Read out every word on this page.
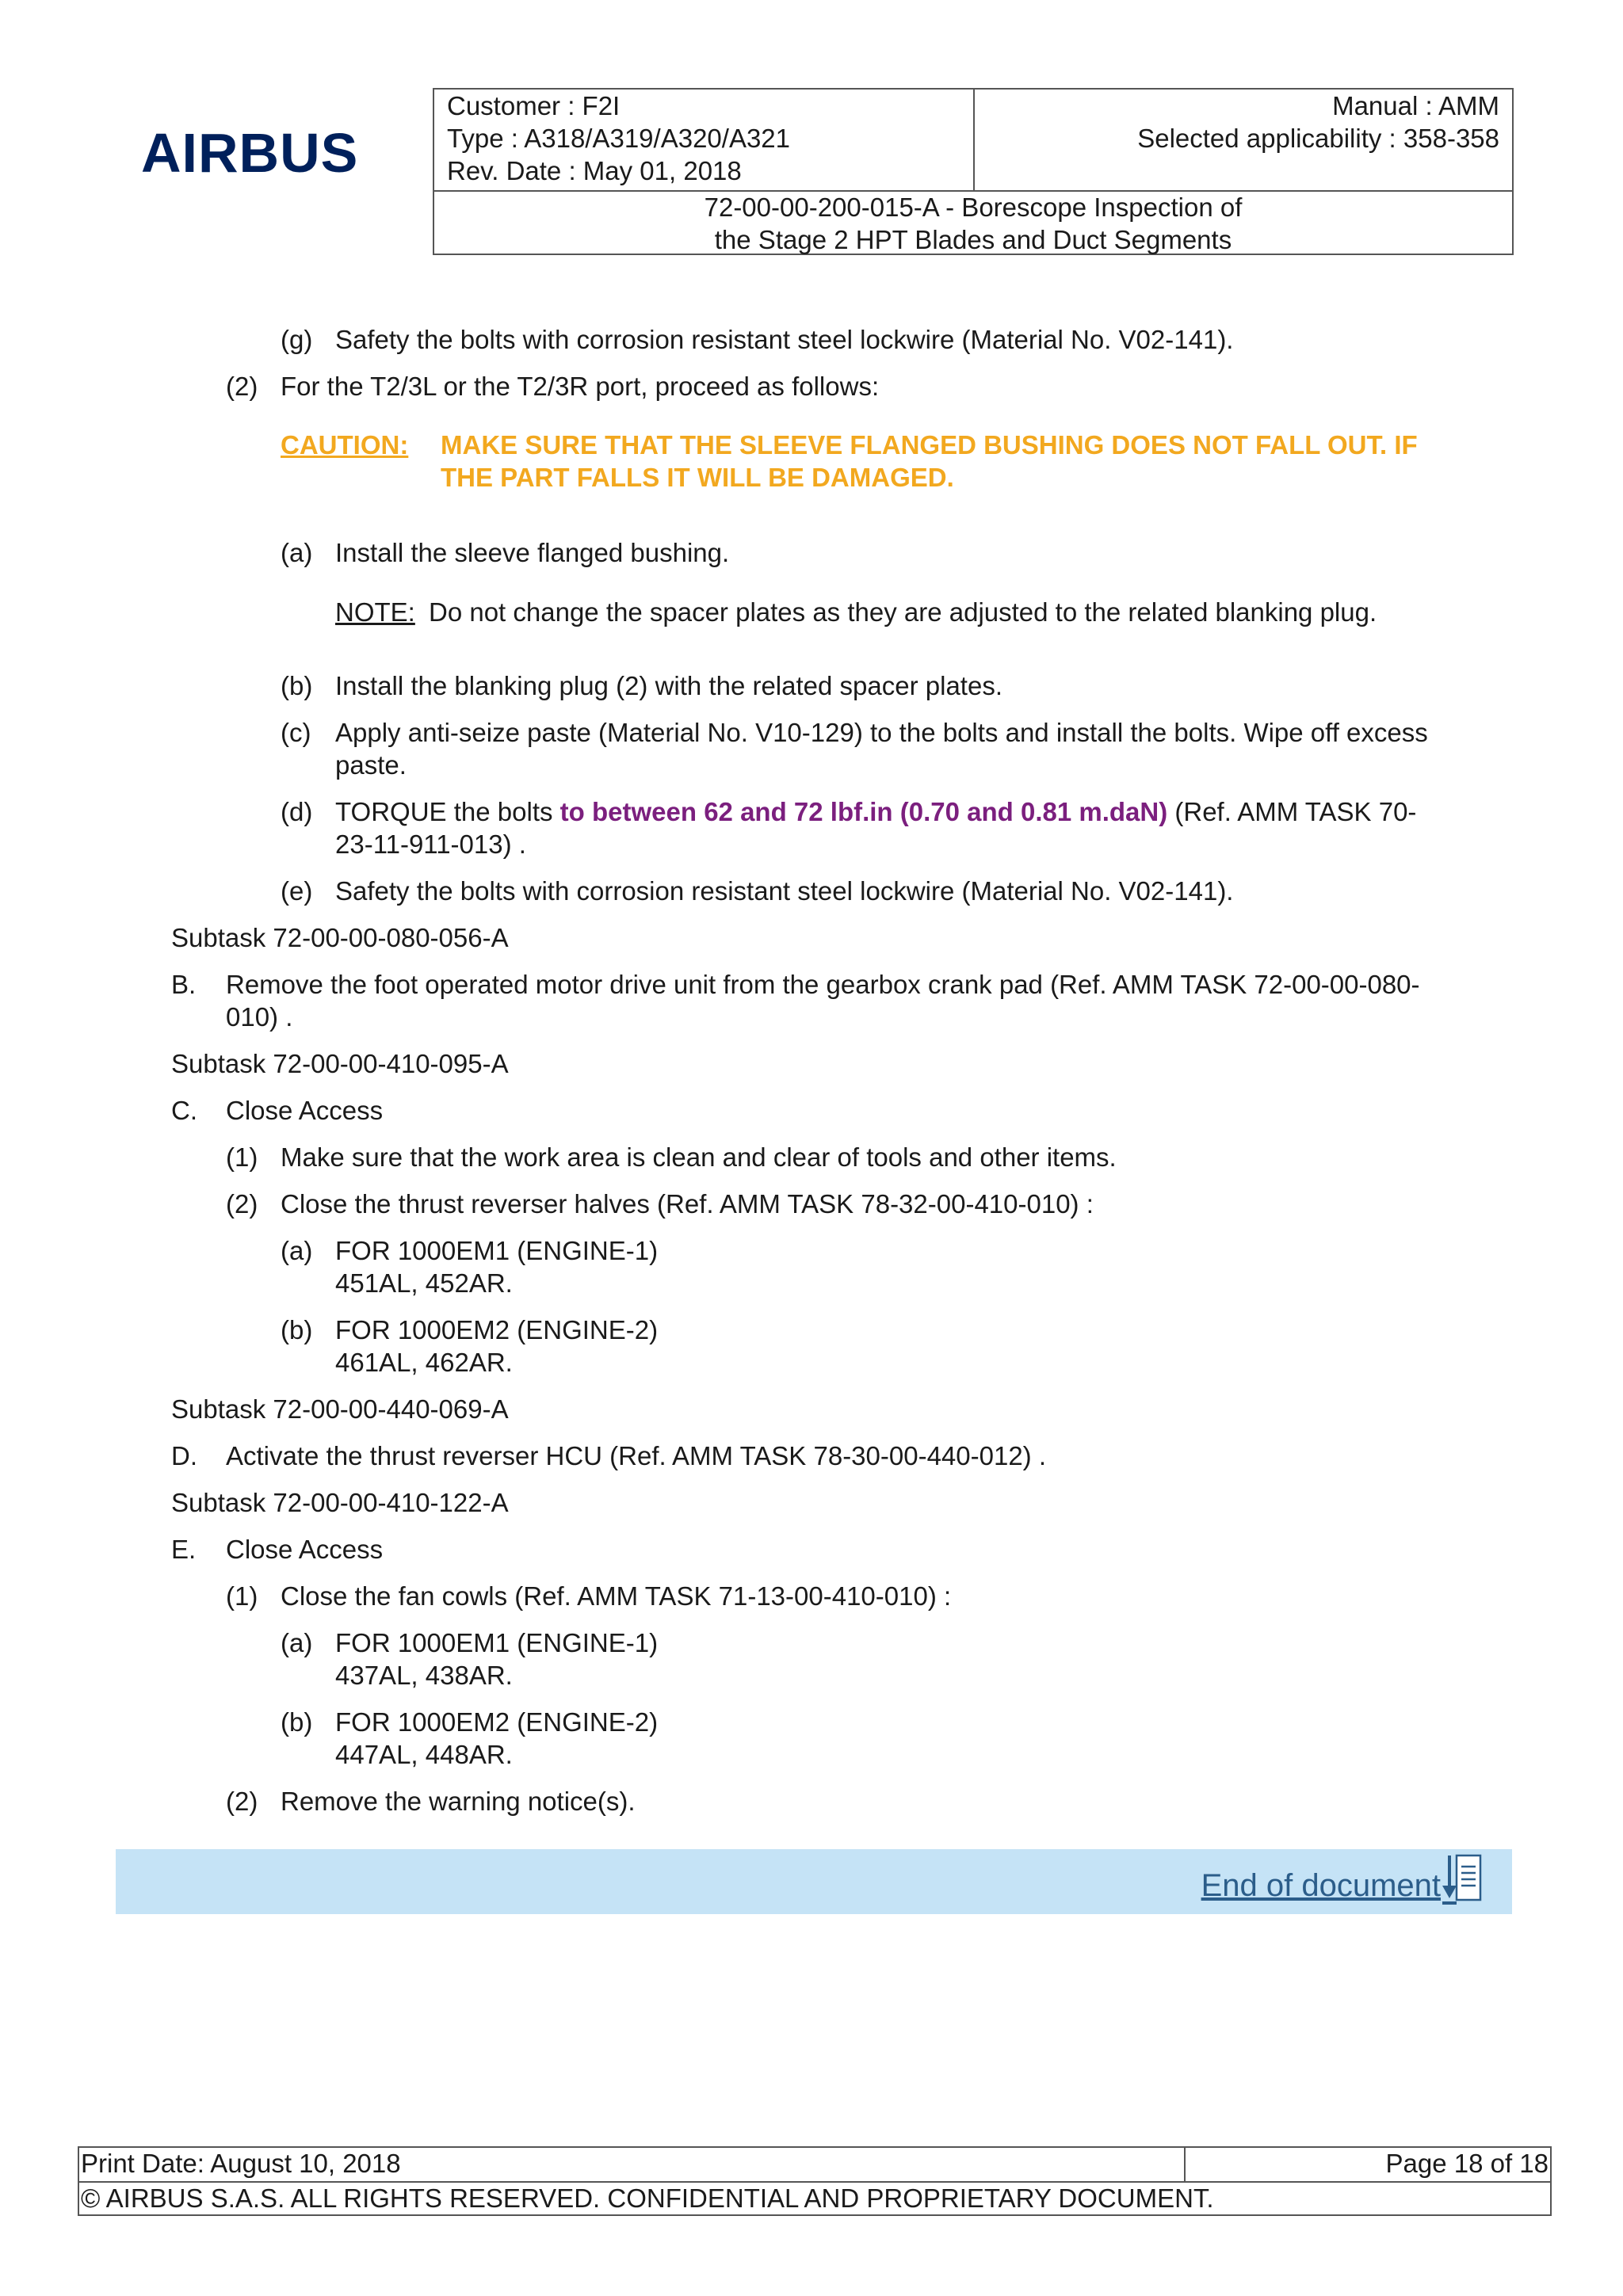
AIRBUS
Customer : F2I
Type : A318/A319/A320/A321
Rev. Date : May 01, 2018
Manual : AMM
Selected applicability : 358-358
72-00-00-200-015-A - Borescope Inspection of
the Stage 2 HPT Blades and Duct Segments
(g) Safety the bolts with corrosion resistant steel lockwire (Material No. V02-141).
(2) For the T2/3L or the T2/3R port, proceed as follows:
CAUTION: MAKE SURE THAT THE SLEEVE FLANGED BUSHING DOES NOT FALL OUT. IF
THE PART FALLS IT WILL BE DAMAGED.
(a) Install the sleeve flanged bushing.
NOTE: Do not change the spacer plates as they are adjusted to the related blanking plug.
(b) Install the blanking plug (2) with the related spacer plates.
(c) Apply anti-seize paste (Material No. V10-129) to the bolts and install the bolts. Wipe off excess
paste.
(d) TORQUE the bolts to between 62 and 72 lbf.in (0.70 and 0.81 m.daN) (Ref. AMM TASK 70-
23-11-911-013) .
(e) Safety the bolts with corrosion resistant steel lockwire (Material No. V02-141).
Subtask 72-00-00-080-056-A
B. Remove the foot operated motor drive unit from the gearbox crank pad (Ref. AMM TASK 72-00-00-080-
010) .
Subtask 72-00-00-410-095-A
C. Close Access
(1) Make sure that the work area is clean and clear of tools and other items.
(2) Close the thrust reverser halves (Ref. AMM TASK 78-32-00-410-010) :
(a) FOR 1000EM1 (ENGINE-1)
451AL, 452AR.
(b) FOR 1000EM2 (ENGINE-2)
461AL, 462AR.
Subtask 72-00-00-440-069-A
D. Activate the thrust reverser HCU (Ref. AMM TASK 78-30-00-440-012) .
Subtask 72-00-00-410-122-A
E. Close Access
(1) Close the fan cowls (Ref. AMM TASK 71-13-00-410-010) :
(a) FOR 1000EM1 (ENGINE-1)
437AL, 438AR.
(b) FOR 1000EM2 (ENGINE-2)
447AL, 448AR.
(2) Remove the warning notice(s).
End of document
Print Date: August 10, 2018	Page 18 of 18
© AIRBUS S.A.S. ALL RIGHTS RESERVED. CONFIDENTIAL AND PROPRIETARY DOCUMENT.
